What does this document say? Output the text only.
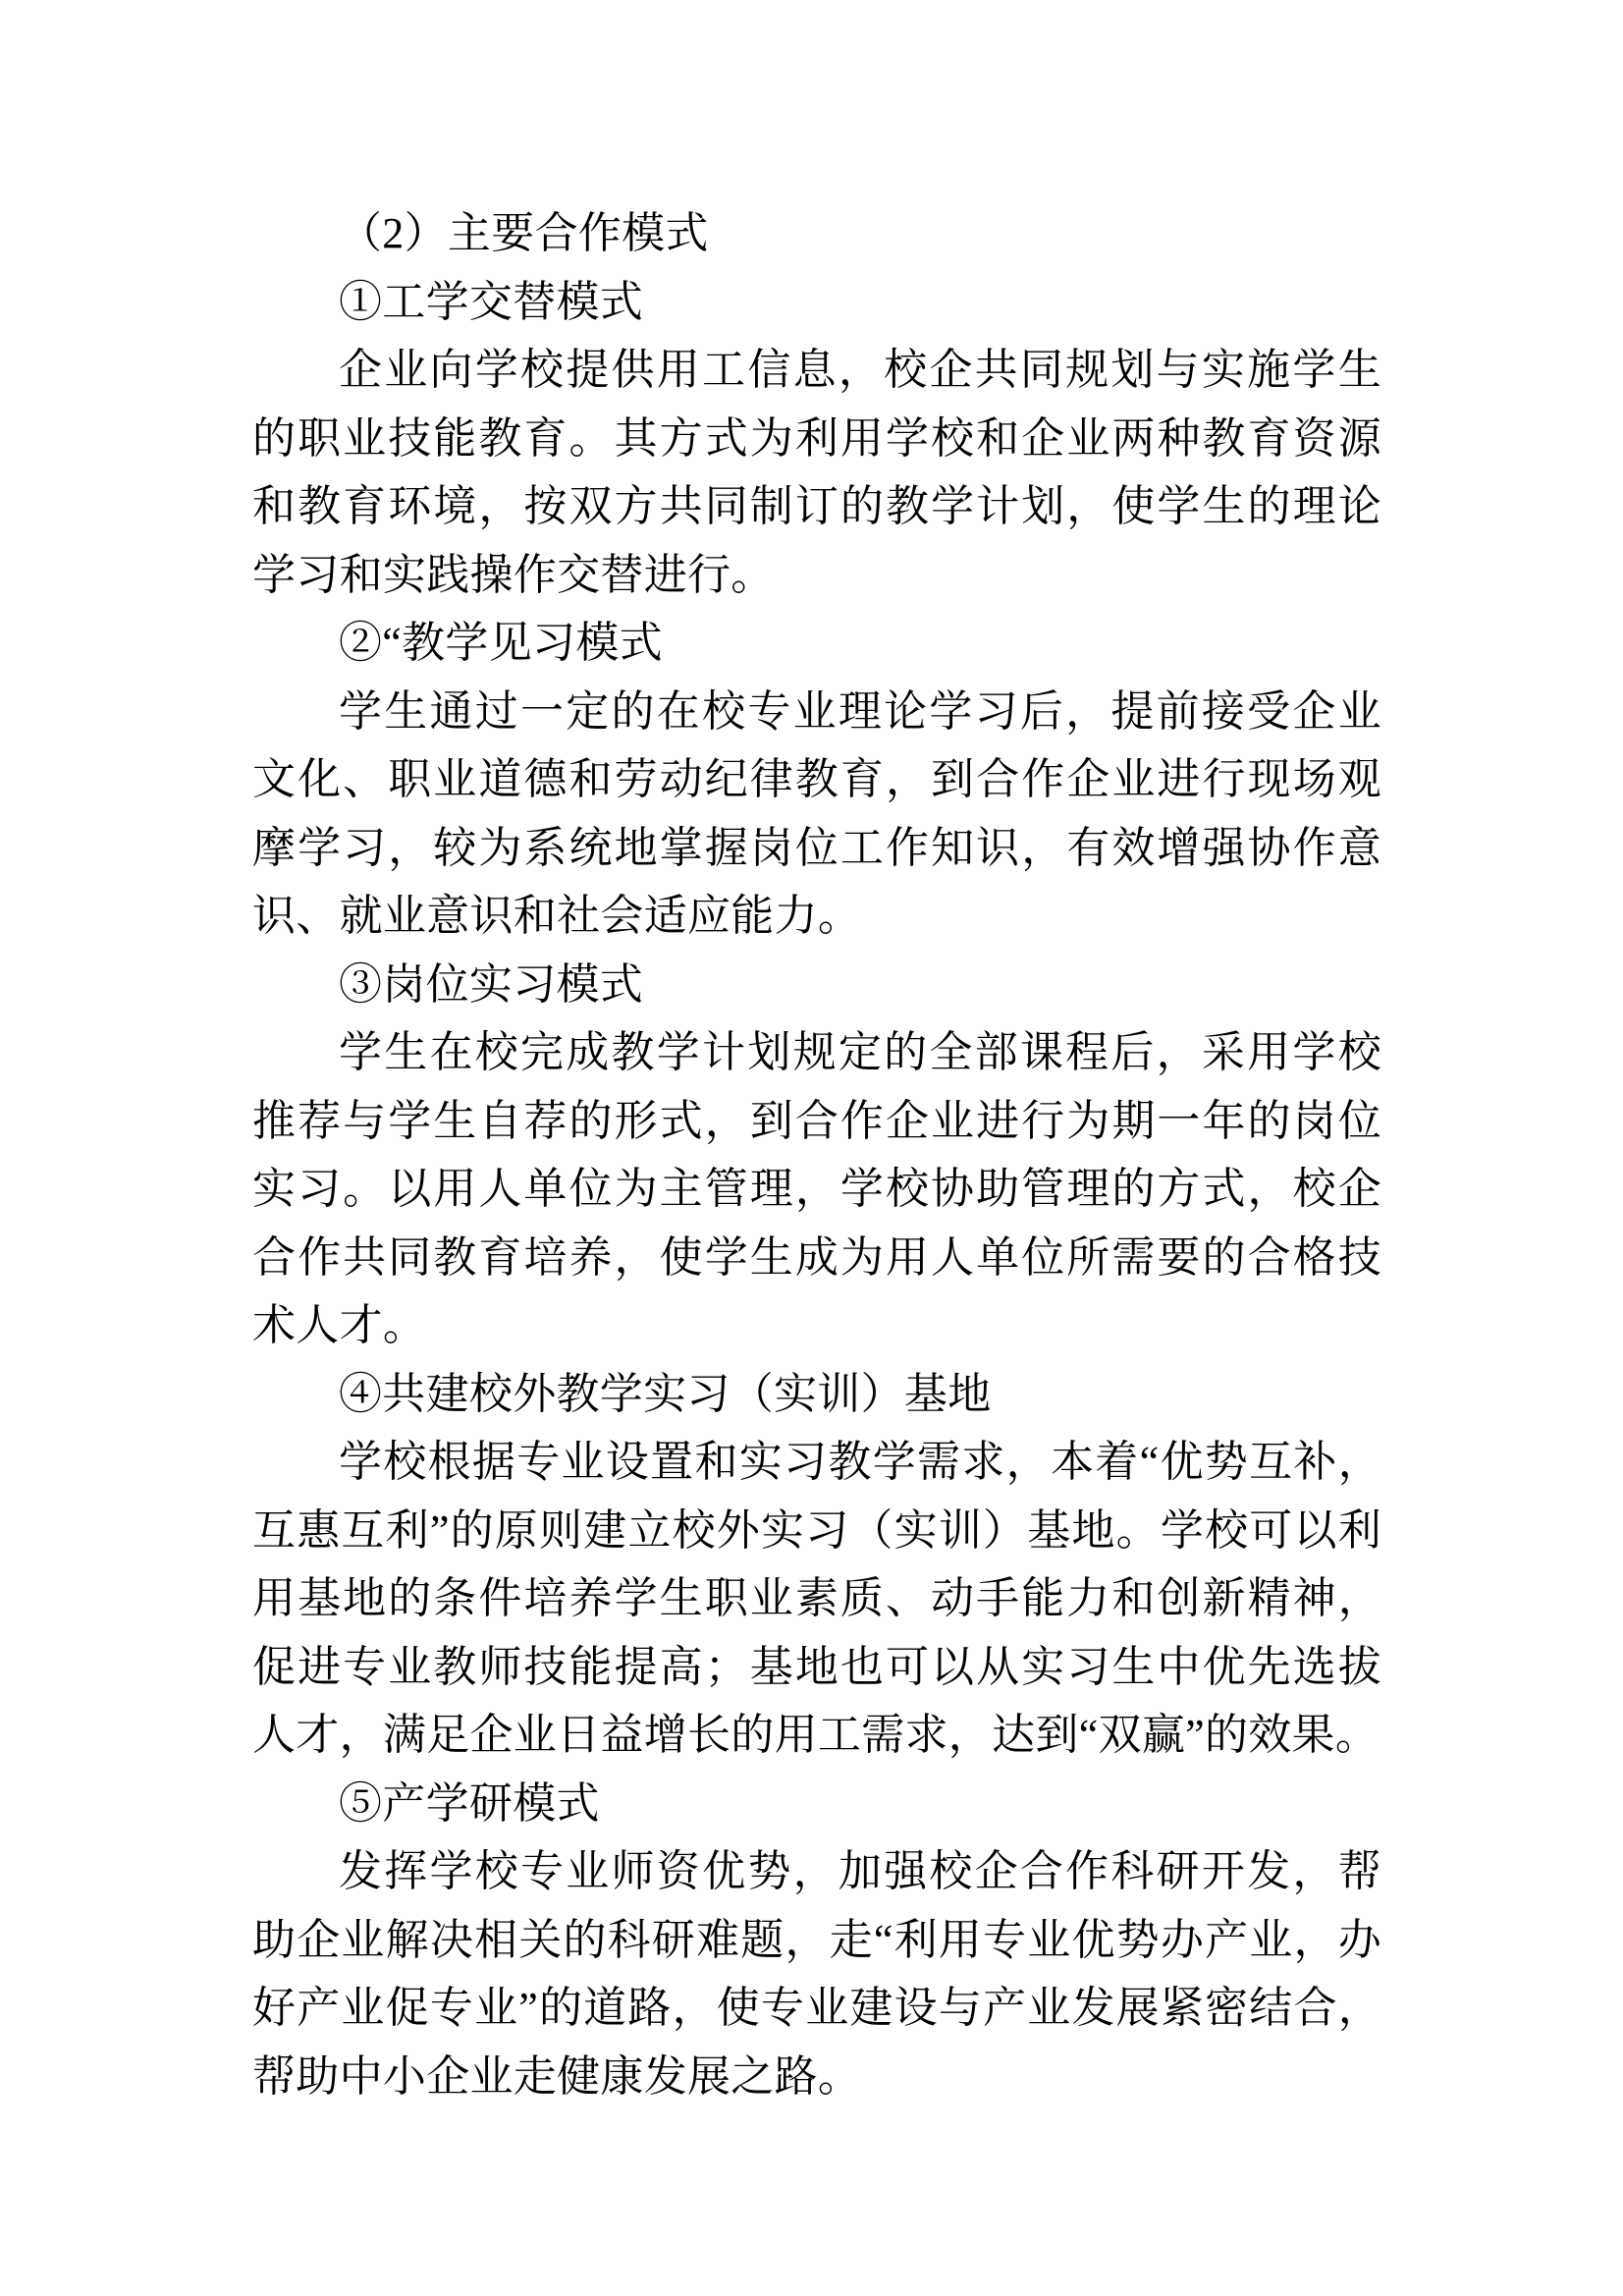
（2）主要合作模式

①工学交替模式

企业向学校提供用工信息，校企共同规划与实施学生的职业技能教育。其方式为利用学校和企业两种教育资源和教育环境，按双方共同制订的教学计划，使学生的理论学习和实践操作交替进行。

②“教学见习模式

学生通过一定的在校专业理论学习后，提前接受企业文化、职业道德和劳动纪律教育，到合作企业进行现场观摩学习，较为系统地掌握岗位工作知识，有效增强协作意识、就业意识和社会适应能力。

③岗位实习模式

学生在校完成教学计划规定的全部课程后，采用学校推荐与学生自荐的形式，到合作企业进行为期一年的岗位实习。以用人单位为主管理，学校协助管理的方式，校企合作共同教育培养，使学生成为用人单位所需要的合格技术人才。

④共建校外教学实习（实训）基地

学校根据专业设置和实习教学需求，本着“优势互补，互惠互利”的原则建立校外实习（实训）基地。学校可以利用基地的条件培养学生职业素质、动手能力和创新精神，促进专业教师技能提高；基地也可以从实习生中优先选拔人才，满足企业日益增长的用工需求，达到“双赢”的效果。

⑤产学研模式

发挥学校专业师资优势，加强校企合作科研开发，帮助企业解决相关的科研难题，走“利用专业优势办产业，办好产业促专业”的道路，使专业建设与产业发展紧密结合，帮助中小企业走健康发展之路。
